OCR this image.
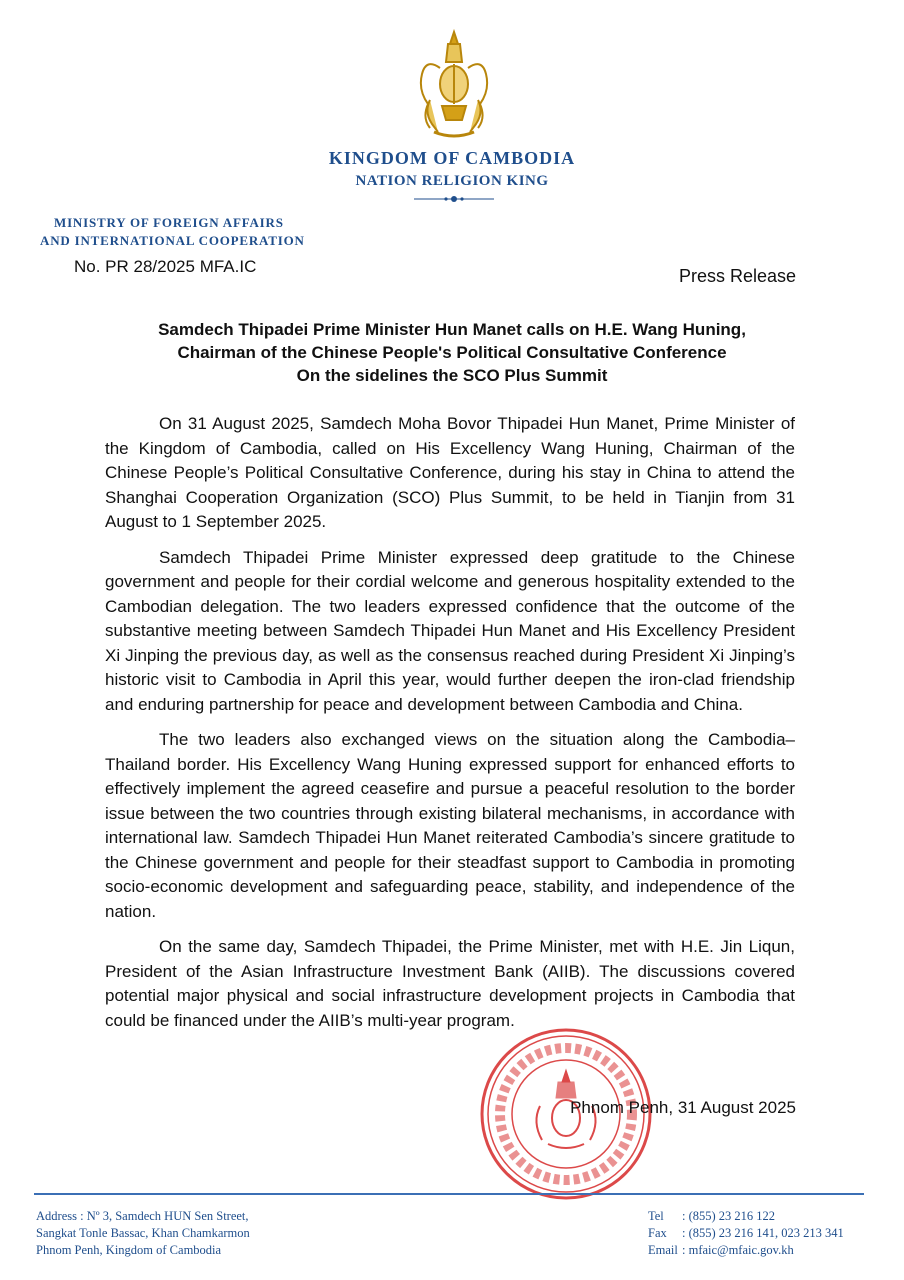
KINGDOM OF CAMBODIA
NATION RELIGION KING
MINISTRY OF FOREIGN AFFAIRS
AND INTERNATIONAL COOPERATION
No. PR 28/2025 MFA.IC	Press Release
Samdech Thipadei Prime Minister Hun Manet calls on H.E. Wang Huning,
Chairman of the Chinese People's Political Consultative Conference
On the sidelines the SCO Plus Summit

On 31 August 2025, Samdech Moha Bovor Thipadei Hun Manet, Prime Minister of the Kingdom of Cambodia, called on His Excellency Wang Huning, Chairman of the Chinese People’s Political Consultative Conference, during his stay in China to attend the Shanghai Cooperation Organization (SCO) Plus Summit, to be held in Tianjin from 31 August to 1 September 2025.

Samdech Thipadei Prime Minister expressed deep gratitude to the Chinese government and people for their cordial welcome and generous hospitality extended to the Cambodian delegation. The two leaders expressed confidence that the outcome of the substantive meeting between Samdech Thipadei Hun Manet and His Excellency President Xi Jinping the previous day, as well as the consensus reached during President Xi Jinping’s historic visit to Cambodia in April this year, would further deepen the iron-clad friendship and enduring partnership for peace and development between Cambodia and China.

The two leaders also exchanged views on the situation along the Cambodia–Thailand border. His Excellency Wang Huning expressed support for enhanced efforts to effectively implement the agreed ceasefire and pursue a peaceful resolution to the border issue between the two countries through existing bilateral mechanisms, in accordance with international law. Samdech Thipadei Hun Manet reiterated Cambodia’s sincere gratitude to the Chinese government and people for their steadfast support to Cambodia in promoting socio-economic development and safeguarding peace, stability, and independence of the nation.

On the same day, Samdech Thipadei, the Prime Minister, met with H.E. Jin Liqun, President of the Asian Infrastructure Investment Bank (AIIB). The discussions covered potential major physical and social infrastructure development projects in Cambodia that could be financed under the AIIB’s multi-year program.

Phnom Penh, 31 August 2025
Address : Nº 3, Samdech HUN Sen Street,
Sangkat Tonle Bassac, Khan Chamkarmon
Phnom Penh, Kingdom of Cambodia
Tel : (855) 23 216 122
Fax : (855) 23 216 141, 023 213 341
Email : mfaic@mfaic.gov.kh
